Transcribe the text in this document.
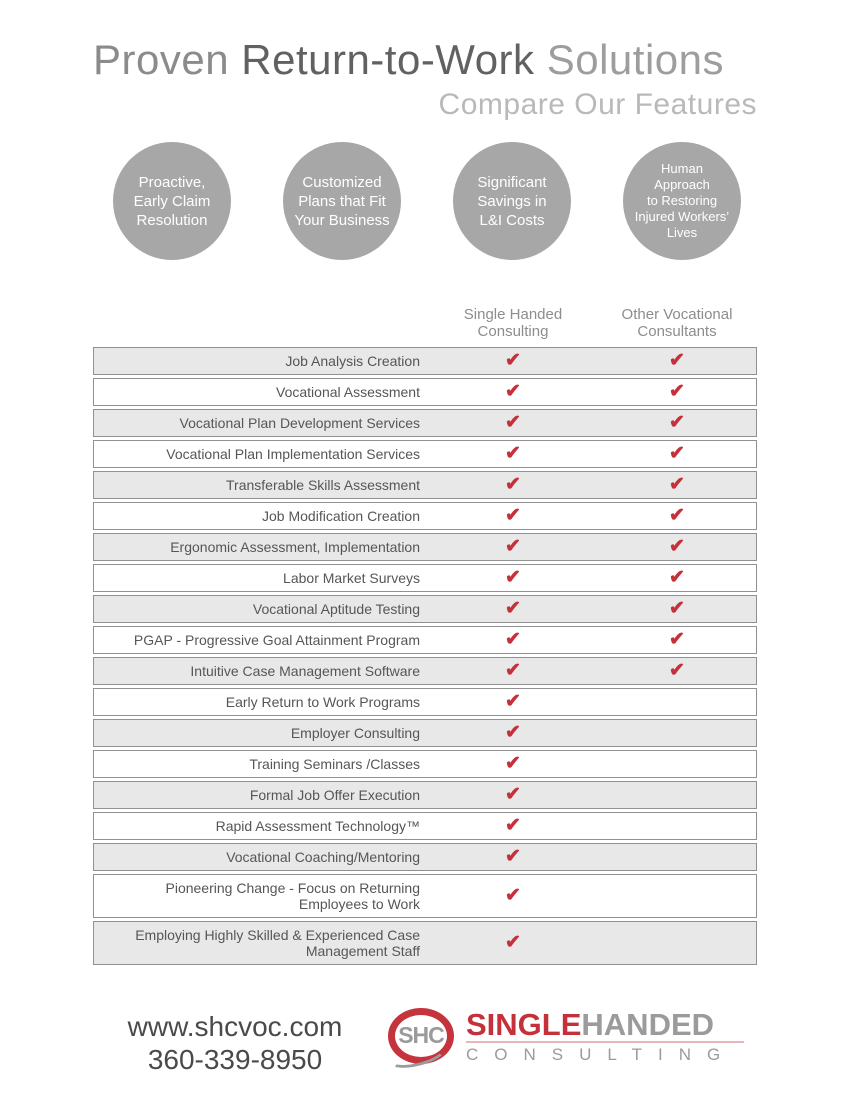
Proven Return-to-Work Solutions
Compare Our Features
Proactive,
Early Claim
Resolution
Customized
Plans that Fit
Your Business
Significant
Savings in
L&I Costs
Human
Approach
to Restoring
Injured Workers’
Lives
Single Handed
Consulting
Other Vocational
Consultants
Job Analysis Creation	✔	✔
Vocational Assessment	✔	✔
Vocational Plan Development Services	✔	✔
Vocational Plan Implementation Services	✔	✔
Transferable Skills Assessment	✔	✔
Job Modification Creation	✔	✔
Ergonomic Assessment, Implementation	✔	✔
Labor Market Surveys	✔	✔
Vocational Aptitude Testing	✔	✔
PGAP - Progressive Goal Attainment Program	✔	✔
Intuitive Case Management Software	✔	✔
Early Return to Work Programs	✔
Employer Consulting	✔
Training Seminars /Classes	✔
Formal Job Offer Execution	✔
Rapid Assessment Technology™	✔
Vocational Coaching/Mentoring	✔
Pioneering Change - Focus on Returning Employees to Work	✔
Employing Highly Skilled & Experienced Case Management Staff	✔
www.shcvoc.com
360-339-8950
SHC SINGLEHANDED
CONSULTING
